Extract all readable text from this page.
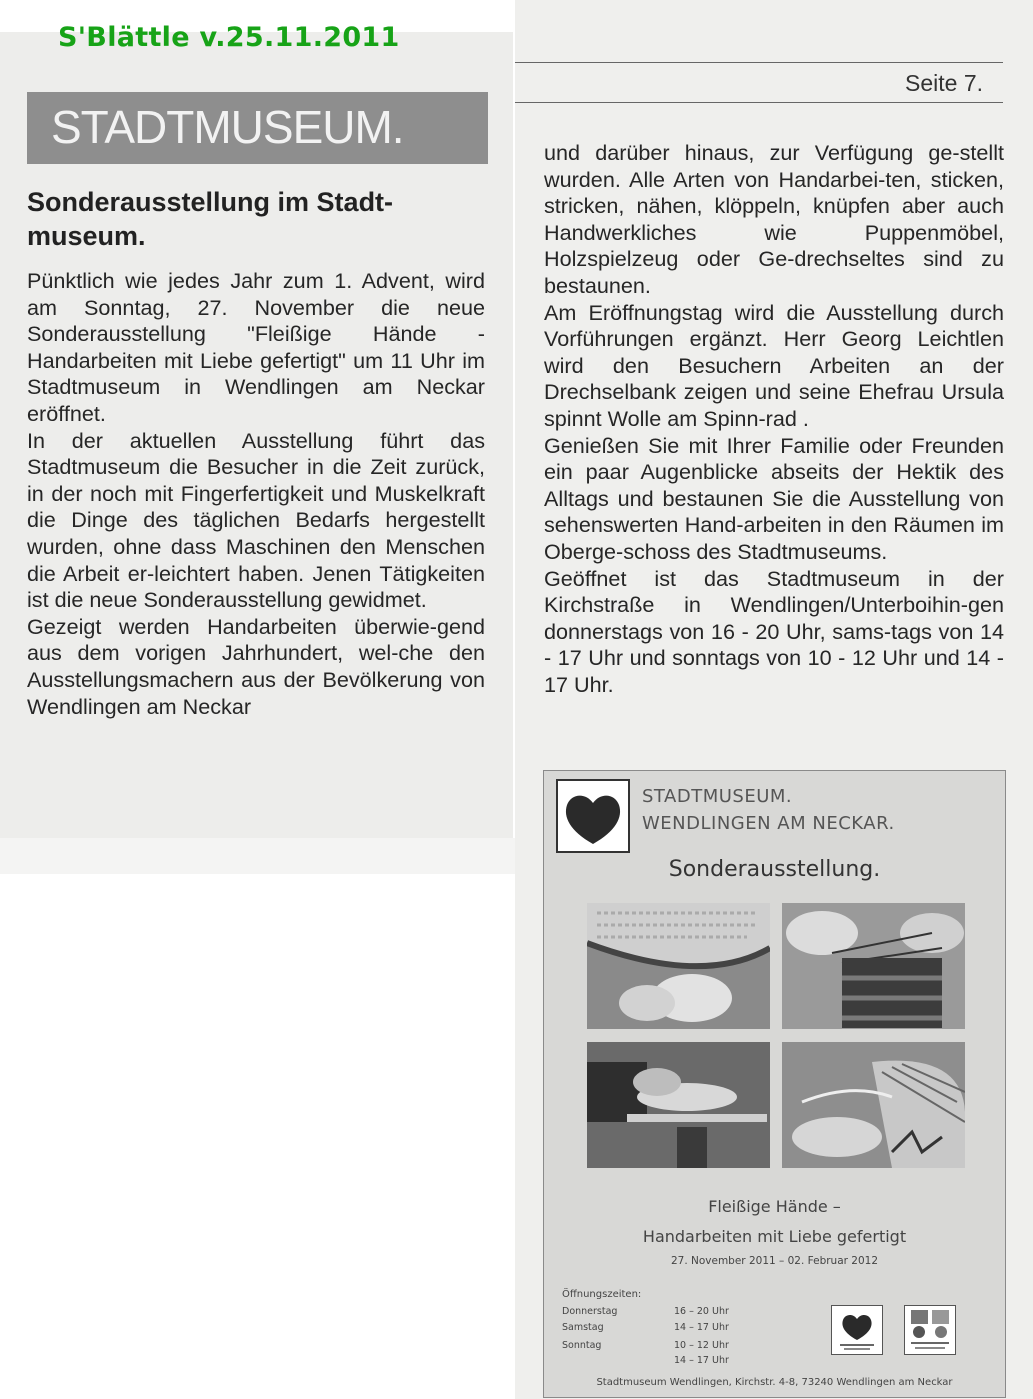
S'Blättle v.25.11.2011

Seite 7.

STADTMUSEUM.

Sonderausstellung im Stadt-museum.

Pünktlich wie jedes Jahr zum 1. Advent, wird am Sonntag, 27. November die neue Sonderausstellung "Fleißige Hände - Handarbeiten mit Liebe gefertigt" um 11 Uhr im Stadtmuseum in Wendlingen am Neckar eröffnet.

In der aktuellen Ausstellung führt das Stadtmuseum die Besucher in die Zeit zurück, in der noch mit Fingerfertigkeit und Muskelkraft die Dinge des täglichen Bedarfs hergestellt wurden, ohne dass Maschinen den Menschen die Arbeit er-leichtert haben. Jenen Tätigkeiten ist die neue Sonderausstellung gewidmet.

Gezeigt werden Handarbeiten überwie-gend aus dem vorigen Jahrhundert, wel-che den Ausstellungsmachern aus der Bevölkerung von Wendlingen am Neckar

und darüber hinaus, zur Verfügung ge-stellt wurden. Alle Arten von Handarbei-ten, sticken, stricken, nähen, klöppeln, knüpfen aber auch Handwerkliches wie Puppenmöbel, Holzspielzeug oder Ge-drechseltes sind zu bestaunen.

Am Eröffnungstag wird die Ausstellung durch Vorführungen ergänzt. Herr Georg Leichtlen wird den Besuchern Arbeiten an der Drechselbank zeigen und seine Ehefrau Ursula spinnt Wolle am Spinn-rad .

Genießen Sie mit Ihrer Familie oder Freunden ein paar Augenblicke abseits der Hektik des Alltags und bestaunen Sie die Ausstellung von sehenswerten Hand-arbeiten in den Räumen im Oberge-schoss des Stadtmuseums.

Geöffnet ist das Stadtmuseum in der Kirchstraße in Wendlingen/Unterboihin-gen donnerstags von 16 - 20 Uhr, sams-tags von 14 - 17 Uhr und sonntags von 10 - 12 Uhr und 14 - 17 Uhr.

STADTMUSEUM.
WENDLINGEN AM NECKAR.

Sonderausstellung.

Fleißige Hände –

Handarbeiten mit Liebe gefertigt

27. November 2011 – 02. Februar 2012

Öffnungszeiten:

Donnerstag	16 – 20 Uhr

Samstag	14 – 17 Uhr

Sonntag	10 – 12 Uhr

14 – 17 Uhr

Stadtmuseum Wendlingen, Kirchstr. 4-8, 73240 Wendlingen am Neckar
